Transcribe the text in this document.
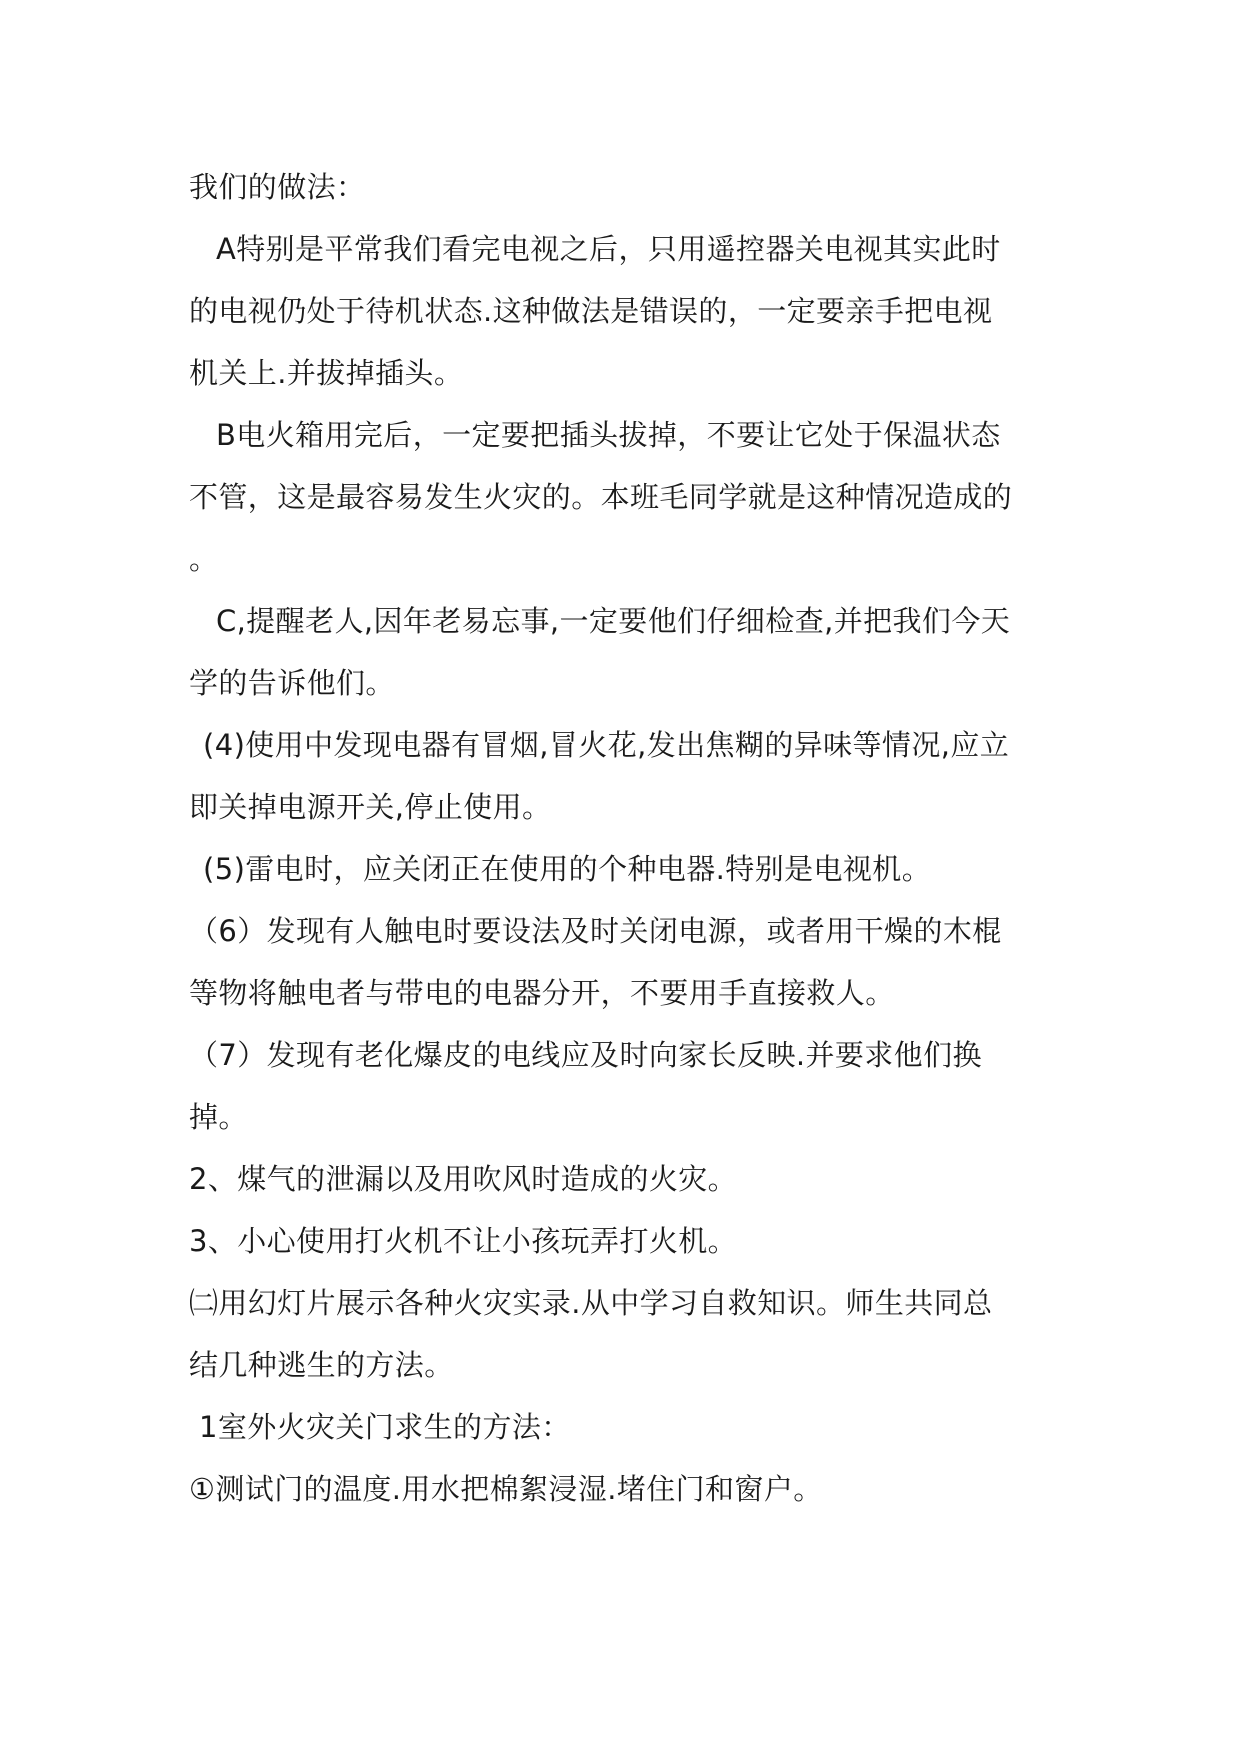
我们的做法：
A特别是平常我们看完电视之后，只用遥控器关电视其实此时
的电视仍处于待机状态.这种做法是错误的，一定要亲手把电视
机关上.并拔掉插头。
B电火箱用完后，一定要把插头拔掉，不要让它处于保温状态
不管，这是最容易发生火灾的。本班毛同学就是这种情况造成的
。
C,提醒老人,因年老易忘事,一定要他们仔细检查,并把我们今天
学的告诉他们。
(4)使用中发现电器有冒烟,冒火花,发出焦糊的异味等情况,应立
即关掉电源开关,停止使用。
(5)雷电时，应关闭正在使用的个种电器.特别是电视机。
（6）发现有人触电时要设法及时关闭电源，或者用干燥的木棍
等物将触电者与带电的电器分开，不要用手直接救人。
（7）发现有老化爆皮的电线应及时向家长反映.并要求他们换
掉。
2、煤气的泄漏以及用吹风时造成的火灾。
3、小心使用打火机不让小孩玩弄打火机。
㈡用幻灯片展示各种火灾实录.从中学习自救知识。师生共同总
结几种逃生的方法。
1室外火灾关门求生的方法：
①测试门的温度.用水把棉絮浸湿.堵住门和窗户。
